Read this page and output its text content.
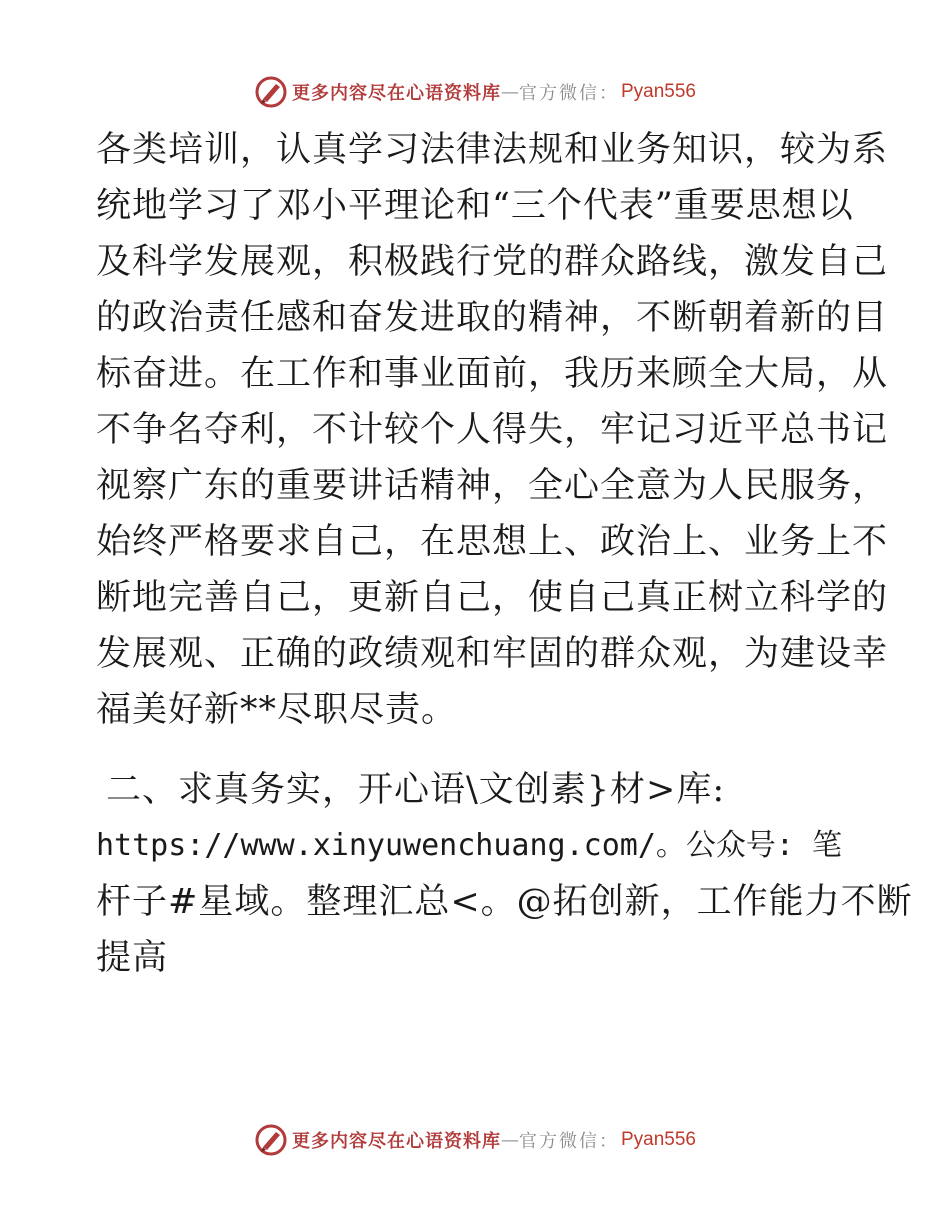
更多内容尽在心语资料库 — 官方微信： Pyan556
各类培训，认真学习法律法规和业务知识，较为系
统地学习了邓小平理论和“三个代表”重要思想以
及科学发展观，积极践行党的群众路线，激发自己
的政治责任感和奋发进取的精神，不断朝着新的目
标奋进。在工作和事业面前，我历来顾全大局，从
不争名夺利，不计较个人得失，牢记习近平总书记
视察广东的重要讲话精神，全心全意为人民服务，
始终严格要求自己，在思想上、政治上、业务上不
断地完善自己，更新自己，使自己真正树立科学的
发展观、正确的政绩观和牢固的群众观，为建设幸
福美好新**尽职尽责。
二、求真务实，开心语\文创素}材>库:
https://www.xinyuwenchuang.com/。公众号: 笔
杆子#星域。整理汇总<。@拓创新，工作能力不断
提高
更多内容尽在心语资料库 — 官方微信： Pyan556
